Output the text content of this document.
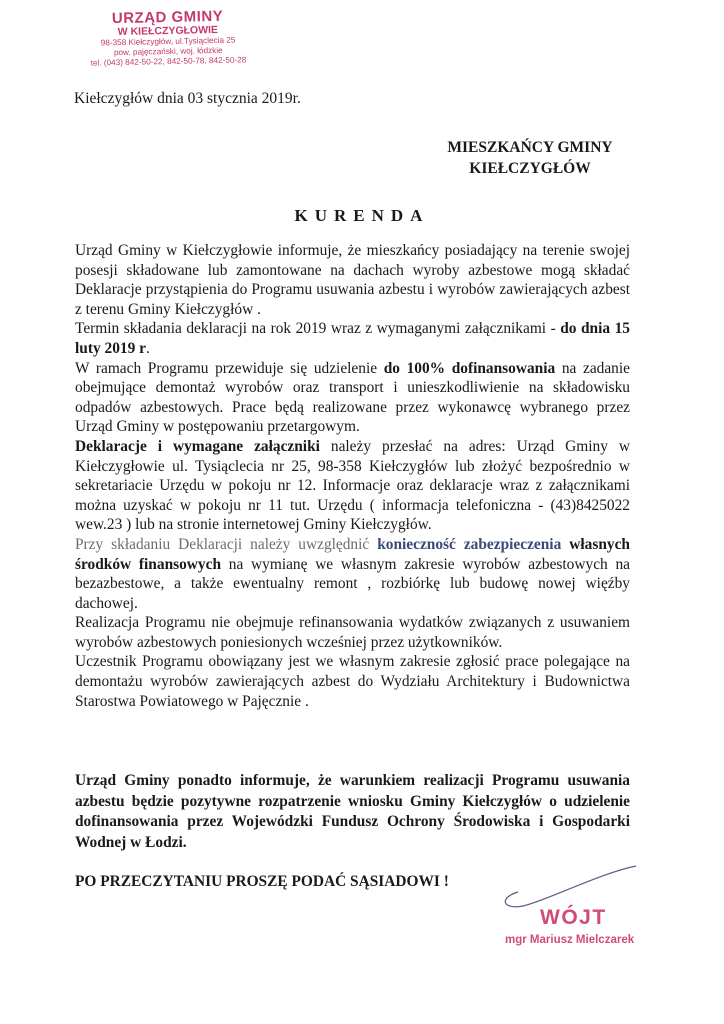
URZĄD GMINY
W KIEŁCZYGŁOWIE
98-358 Kiełczygłów, ul.Tysiąclecia 25
pow. pajęczański, woj. łódzkie
tel. (043) 842-50-22, 842-50-78, 842-50-28
Kiełczygłów dnia 03 stycznia 2019r.
MIESZKAŃCY GMINY
KIEŁCZYGŁÓW
KURENDA

Urząd Gminy w Kiełczygłowie informuje, że mieszkańcy posiadający na terenie swojej posesji składowane lub zamontowane na dachach wyroby azbestowe mogą składać Deklaracje przystąpienia do Programu usuwania azbestu i wyrobów zawierających azbest z terenu Gminy Kiełczygłów .

Termin składania deklaracji na rok 2019 wraz z wymaganymi załącznikami - do dnia 15 luty 2019 r.

W ramach Programu przewiduje się udzielenie do 100% dofinansowania na zadanie obejmujące demontaż wyrobów oraz transport i unieszkodliwienie na składowisku odpadów azbestowych. Prace będą realizowane przez wykonawcę wybranego przez Urząd Gminy w postępowaniu przetargowym.

Deklaracje i wymagane załączniki należy przesłać na adres: Urząd Gminy w Kiełczygłowie ul. Tysiąclecia nr 25, 98-358 Kiełczygłów lub złożyć bezpośrednio w sekretariacie Urzędu w pokoju nr 12. Informacje oraz deklaracje wraz z załącznikami można uzyskać w pokoju nr 11 tut. Urzędu ( informacja telefoniczna - (43)8425022 wew.23 ) lub na stronie internetowej Gminy Kiełczygłów.

Przy składaniu Deklaracji należy uwzględnić konieczność zabezpieczenia własnych środków finansowych na wymianę we własnym zakresie wyrobów azbestowych na bezazbestowe, a także ewentualny remont , rozbiórkę lub budowę nowej więźby dachowej.

Realizacja Programu nie obejmuje refinansowania wydatków związanych z usuwaniem wyrobów azbestowych poniesionych wcześniej przez użytkowników.

Uczestnik Programu obowiązany jest we własnym zakresie zgłosić prace polegające na demontażu wyrobów zawierających azbest do Wydziału Architektury i Budownictwa Starostwa Powiatowego w Pajęcznie .

Urząd Gminy ponadto informuje, że warunkiem realizacji Programu usuwania azbestu będzie pozytywne rozpatrzenie wniosku Gminy Kiełczygłów o udzielenie dofinansowania przez Wojewódzki Fundusz Ochrony Środowiska i Gospodarki Wodnej w Łodzi.

PO PRZECZYTANIU PROSZĘ PODAĆ SĄSIADOWI !
WÓJT
mgr Mariusz Mielczarek
